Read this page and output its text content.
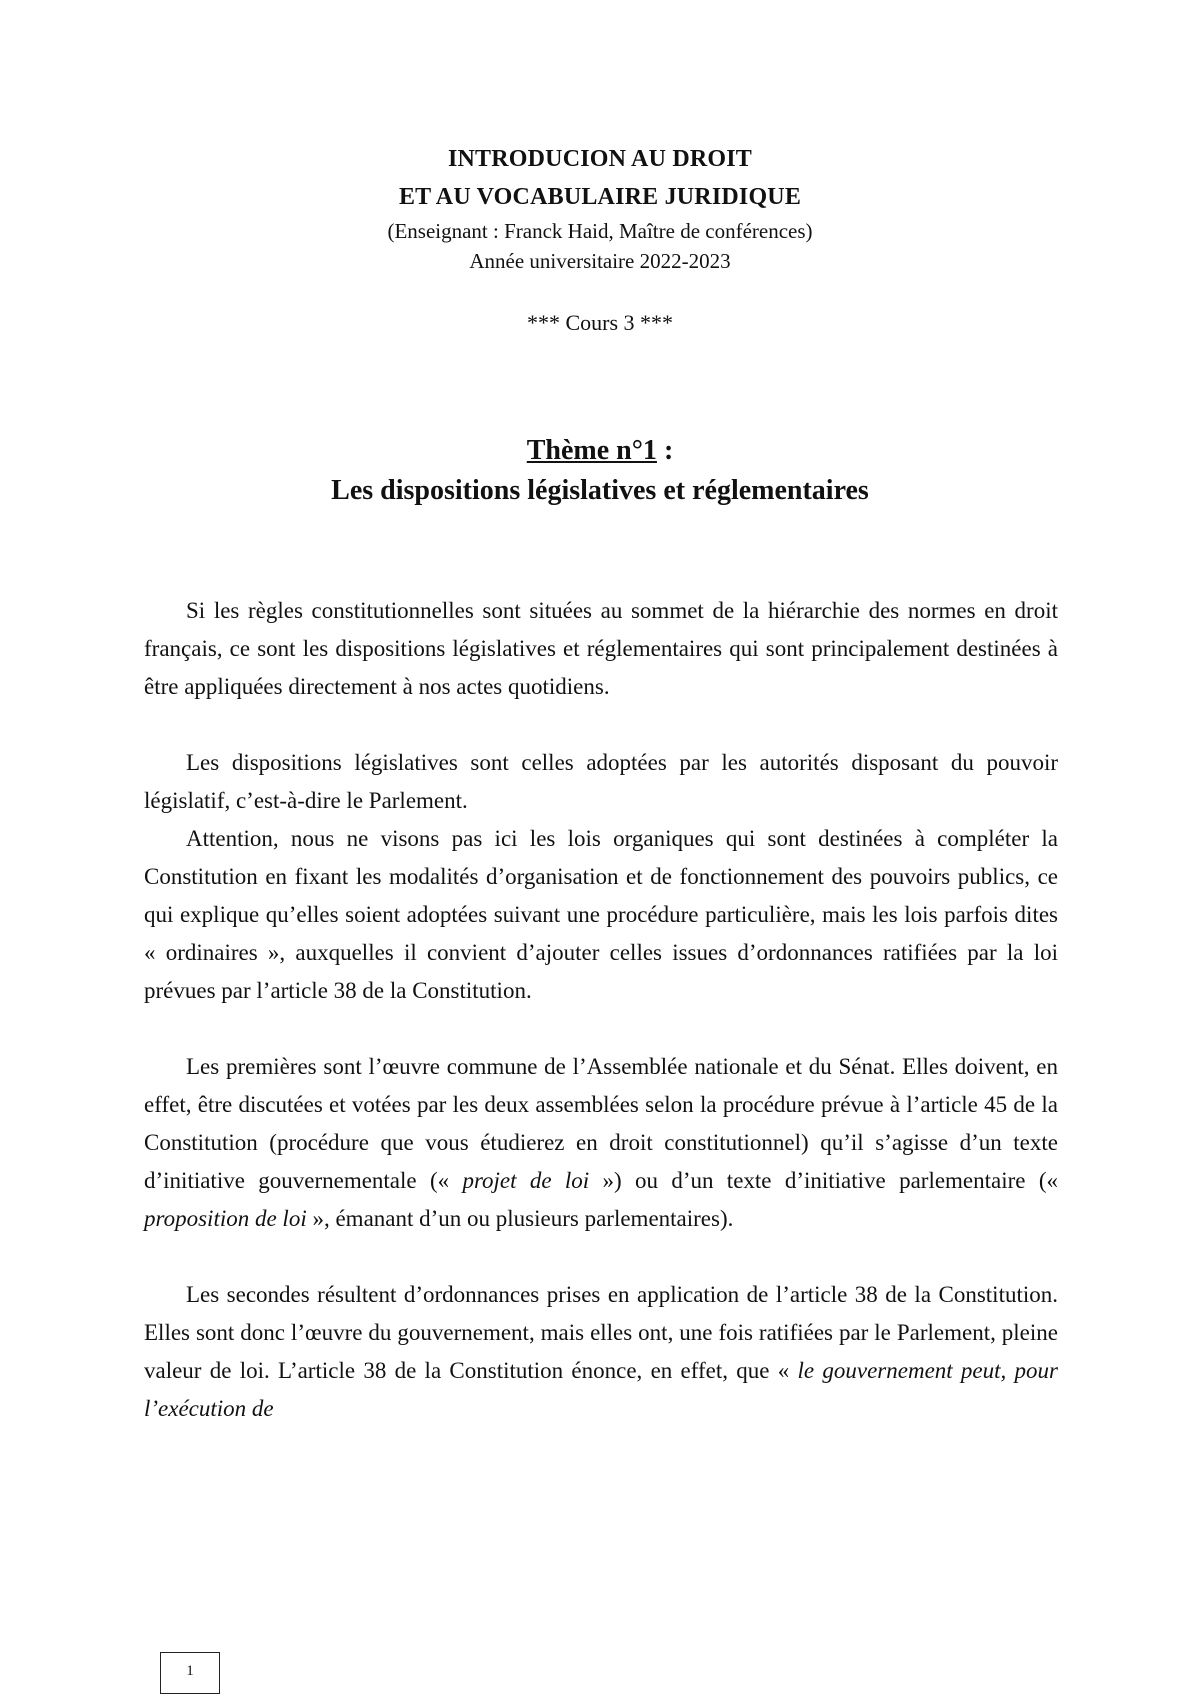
INTRODUCION AU DROIT
ET AU VOCABULAIRE JURIDIQUE
(Enseignant : Franck Haid, Maître de conférences)
Année universitaire 2022-2023
*** Cours 3 ***
Thème n°1 :
Les dispositions législatives et réglementaires

Si les règles constitutionnelles sont situées au sommet de la hiérarchie des normes en droit français, ce sont les dispositions législatives et réglementaires qui sont principalement destinées à être appliquées directement à nos actes quotidiens.

Les dispositions législatives sont celles adoptées par les autorités disposant du pouvoir législatif, c’est-à-dire le Parlement.

Attention, nous ne visons pas ici les lois organiques qui sont destinées à compléter la Constitution en fixant les modalités d’organisation et de fonctionnement des pouvoirs publics, ce qui explique qu’elles soient adoptées suivant une procédure particulière, mais les lois parfois dites « ordinaires », auxquelles il convient d’ajouter celles issues d’ordonnances ratifiées par la loi prévues par l’article 38 de la Constitution.

Les premières sont l’œuvre commune de l’Assemblée nationale et du Sénat. Elles doivent, en effet, être discutées et votées par les deux assemblées selon la procédure prévue à l’article 45 de la Constitution (procédure que vous étudierez en droit constitutionnel) qu’il s’agisse d’un texte d’initiative gouvernementale (« projet de loi ») ou d’un texte d’initiative parlementaire (« proposition de loi », émanant d’un ou plusieurs parlementaires).

Les secondes résultent d’ordonnances prises en application de l’article 38 de la Constitution. Elles sont donc l’œuvre du gouvernement, mais elles ont, une fois ratifiées par le Parlement, pleine valeur de loi. L’article 38 de la Constitution énonce, en effet, que « le gouvernement peut, pour l’exécution de

1
